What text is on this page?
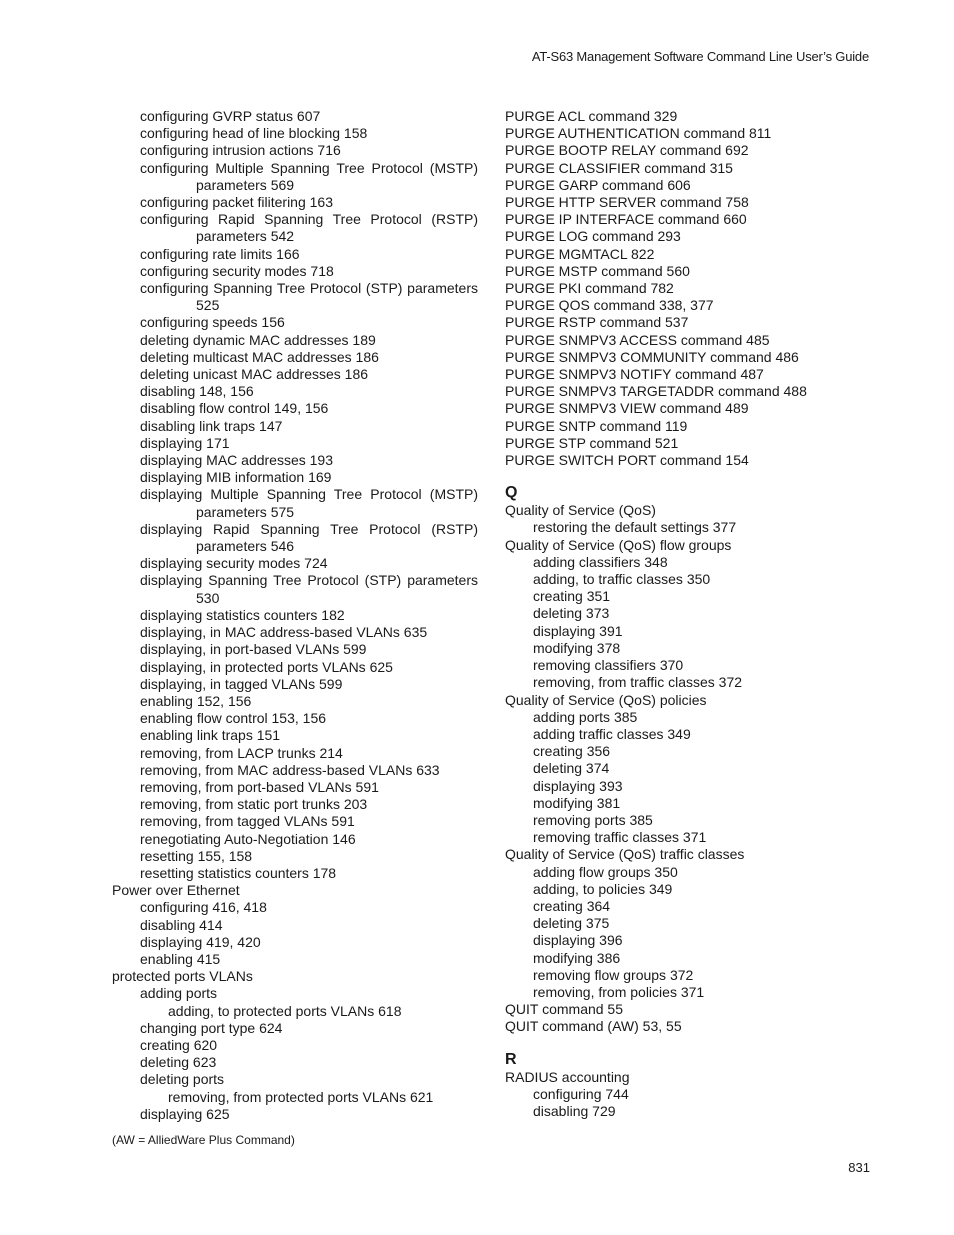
AT-S63 Management Software Command Line User’s Guide
configuring GVRP status 607
configuring head of line blocking 158
configuring intrusion actions 716
configuring Multiple Spanning Tree Protocol (MSTP) parameters 569
configuring packet filitering 163
configuring Rapid Spanning Tree Protocol (RSTP) parameters 542
configuring rate limits 166
configuring security modes 718
configuring Spanning Tree Protocol (STP) parameters 525
configuring speeds 156
deleting dynamic MAC addresses 189
deleting multicast MAC addresses 186
deleting unicast MAC addresses 186
disabling 148, 156
disabling flow control 149, 156
disabling link traps 147
displaying 171
displaying MAC addresses 193
displaying MIB information 169
displaying Multiple Spanning Tree Protocol (MSTP) parameters 575
displaying Rapid Spanning Tree Protocol (RSTP) parameters 546
displaying security modes 724
displaying Spanning Tree Protocol (STP) parameters 530
displaying statistics counters 182
displaying, in MAC address-based VLANs 635
displaying, in port-based VLANs 599
displaying, in protected ports VLANs 625
displaying, in tagged VLANs 599
enabling 152, 156
enabling flow control 153, 156
enabling link traps 151
removing, from LACP trunks 214
removing, from MAC address-based VLANs 633
removing, from port-based VLANs 591
removing, from static port trunks 203
removing, from tagged VLANs 591
renegotiating Auto-Negotiation 146
resetting 155, 158
resetting statistics counters 178
Power over Ethernet
configuring 416, 418
disabling 414
displaying 419, 420
enabling 415
protected ports VLANs
adding ports
adding, to protected ports VLANs 618
changing port type 624
creating 620
deleting 623
deleting ports
removing, from protected ports VLANs 621
displaying 625
PURGE ACL command 329
PURGE AUTHENTICATION command 811
PURGE BOOTP RELAY command 692
PURGE CLASSIFIER command 315
PURGE GARP command 606
PURGE HTTP SERVER command 758
PURGE IP INTERFACE command 660
PURGE LOG command 293
PURGE MGMTACL 822
PURGE MSTP command 560
PURGE PKI command 782
PURGE QOS command 338, 377
PURGE RSTP command 537
PURGE SNMPV3 ACCESS command 485
PURGE SNMPV3 COMMUNITY command 486
PURGE SNMPV3 NOTIFY command 487
PURGE SNMPV3 TARGETADDR command 488
PURGE SNMPV3 VIEW command 489
PURGE SNTP command 119
PURGE STP command 521
PURGE SWITCH PORT command 154
Q
Quality of Service (QoS)
restoring the default settings 377
Quality of Service (QoS) flow groups
adding classifiers 348
adding, to traffic classes 350
creating 351
deleting 373
displaying 391
modifying 378
removing classifiers 370
removing, from traffic classes 372
Quality of Service (QoS) policies
adding ports 385
adding traffic classes 349
creating 356
deleting 374
displaying 393
modifying 381
removing ports 385
removing traffic classes 371
Quality of Service (QoS) traffic classes
adding flow groups 350
adding, to policies 349
creating 364
deleting 375
displaying 396
modifying 386
removing flow groups 372
removing, from policies 371
QUIT command 55
QUIT command (AW) 53, 55
R
RADIUS accounting
configuring 744
disabling 729
(AW = AlliedWare Plus Command)
831
